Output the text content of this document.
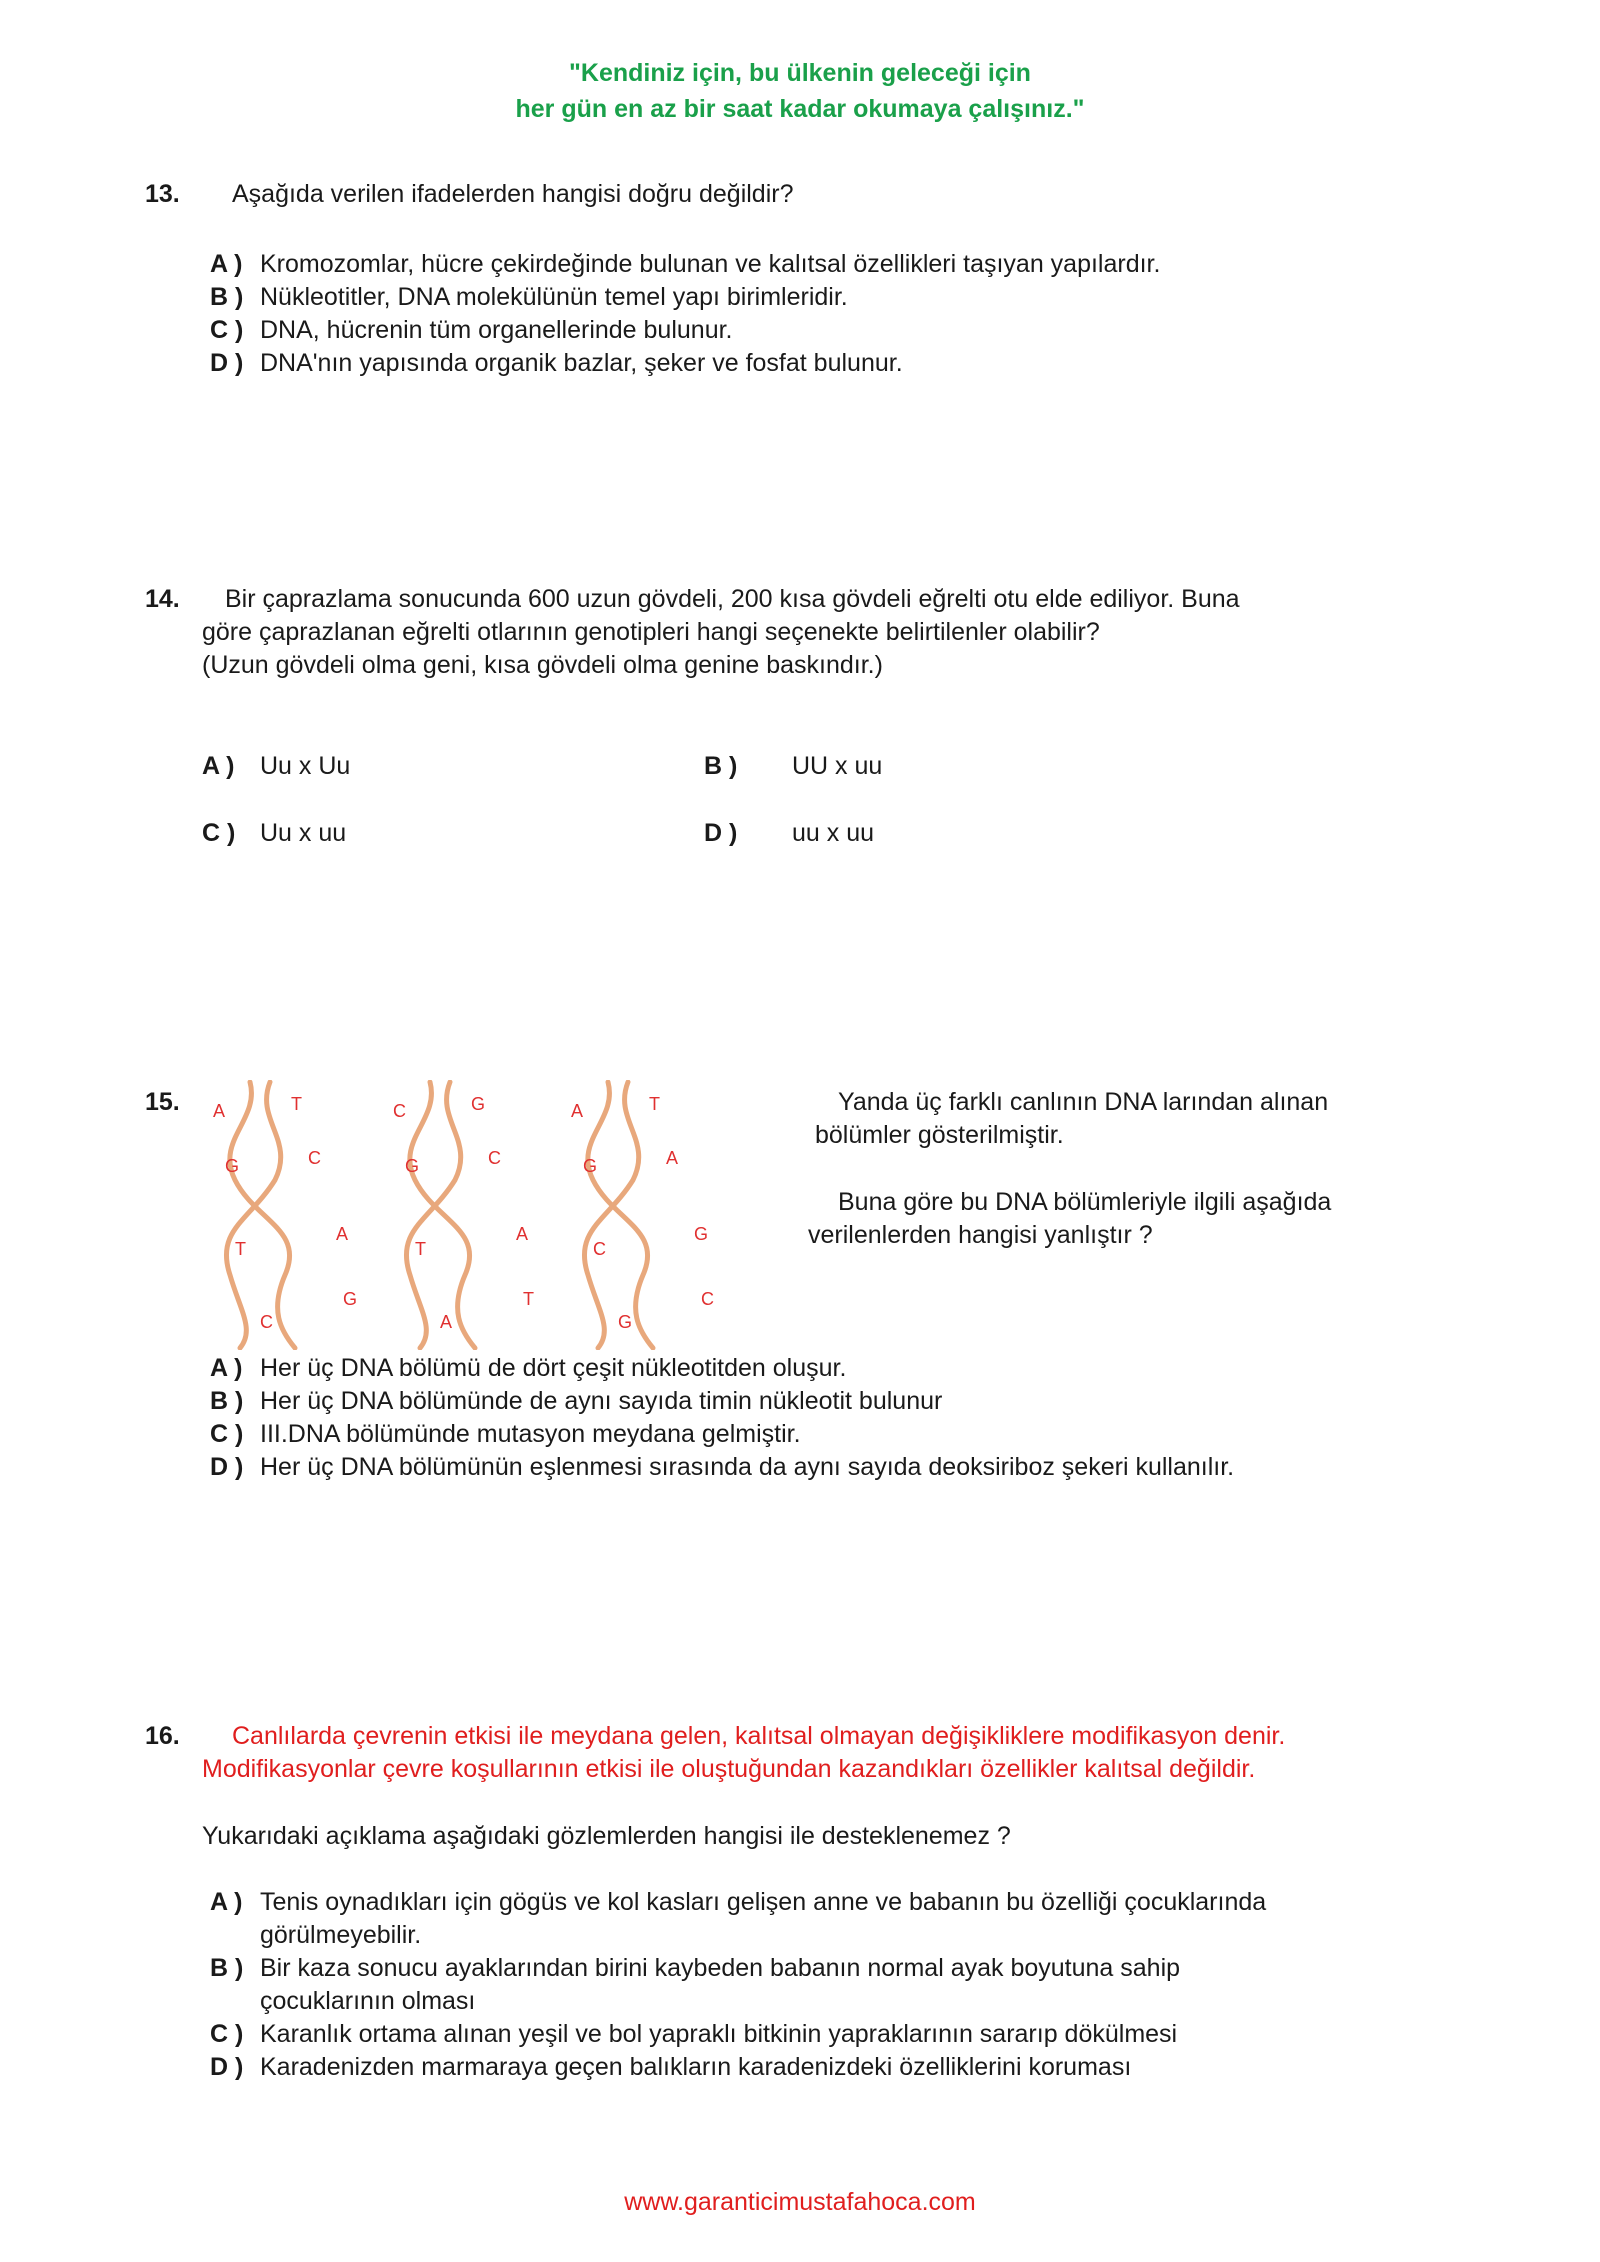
"Kendiniz için, bu ülkenin geleceği için
her gün en az bir saat kadar okumaya çalışınız."
13. Aşağıda verilen ifadelerden hangisi doğru değildir?
A ) Kromozomlar, hücre çekirdeğinde bulunan ve kalıtsal özellikleri taşıyan yapılardır.
B ) Nükleotitler, DNA molekülünün temel yapı birimleridir.
C ) DNA, hücrenin tüm organellerinde bulunur.
D ) DNA'nın yapısında organik bazlar, şeker ve fosfat bulunur.
14. Bir çaprazlama sonucunda 600 uzun gövdeli, 200 kısa gövdeli eğrelti otu elde ediliyor. Buna
göre çaprazlanan eğrelti otlarının genotipleri hangi seçenekte belirtilenler olabilir?
(Uzun gövdeli olma geni, kısa gövdeli olma genine baskındır.)
A ) Uu x Uu	B ) UU x uu
C ) Uu x uu	D ) uu x uu
15. A	T
G	C
T
A
G
C
C	G
G	C
T
A
T
A
A	T
G	A
C
G
C
G
Yanda üç farklı canlının DNA larından alınan
bölümler gösterilmiştir.
Buna göre bu DNA bölümleriyle ilgili aşağıda
verilenlerden hangisi yanlıştır ?
A ) Her üç DNA bölümü de dört çeşit nükleotitden oluşur.
B ) Her üç DNA bölümünde de aynı sayıda timin nükleotit bulunur
C ) III.DNA bölümünde mutasyon meydana gelmiştir.
D ) Her üç DNA bölümünün eşlenmesi sırasında da aynı sayıda deoksiriboz şekeri kullanılır.
16. Canlılarda çevrenin etkisi ile meydana gelen, kalıtsal olmayan değişikliklere modifikasyon denir.
Modifikasyonlar çevre koşullarının etkisi ile oluştuğundan kazandıkları özellikler kalıtsal değildir.
Yukarıdaki açıklama aşağıdaki gözlemlerden hangisi ile desteklenemez ?
A ) Tenis oynadıkları için gögüs ve kol kasları gelişen anne ve babanın bu özelliği çocuklarında
görülmeyebilir.
B ) Bir kaza sonucu ayaklarından birini kaybeden babanın normal ayak boyutuna sahip
çocuklarının olması
C ) Karanlık ortama alınan yeşil ve bol yapraklı bitkinin yapraklarının sararıp dökülmesi
D ) Karadenizden marmaraya geçen balıkların karadenizdeki özelliklerini koruması
www.garanticimustafahoca.com
